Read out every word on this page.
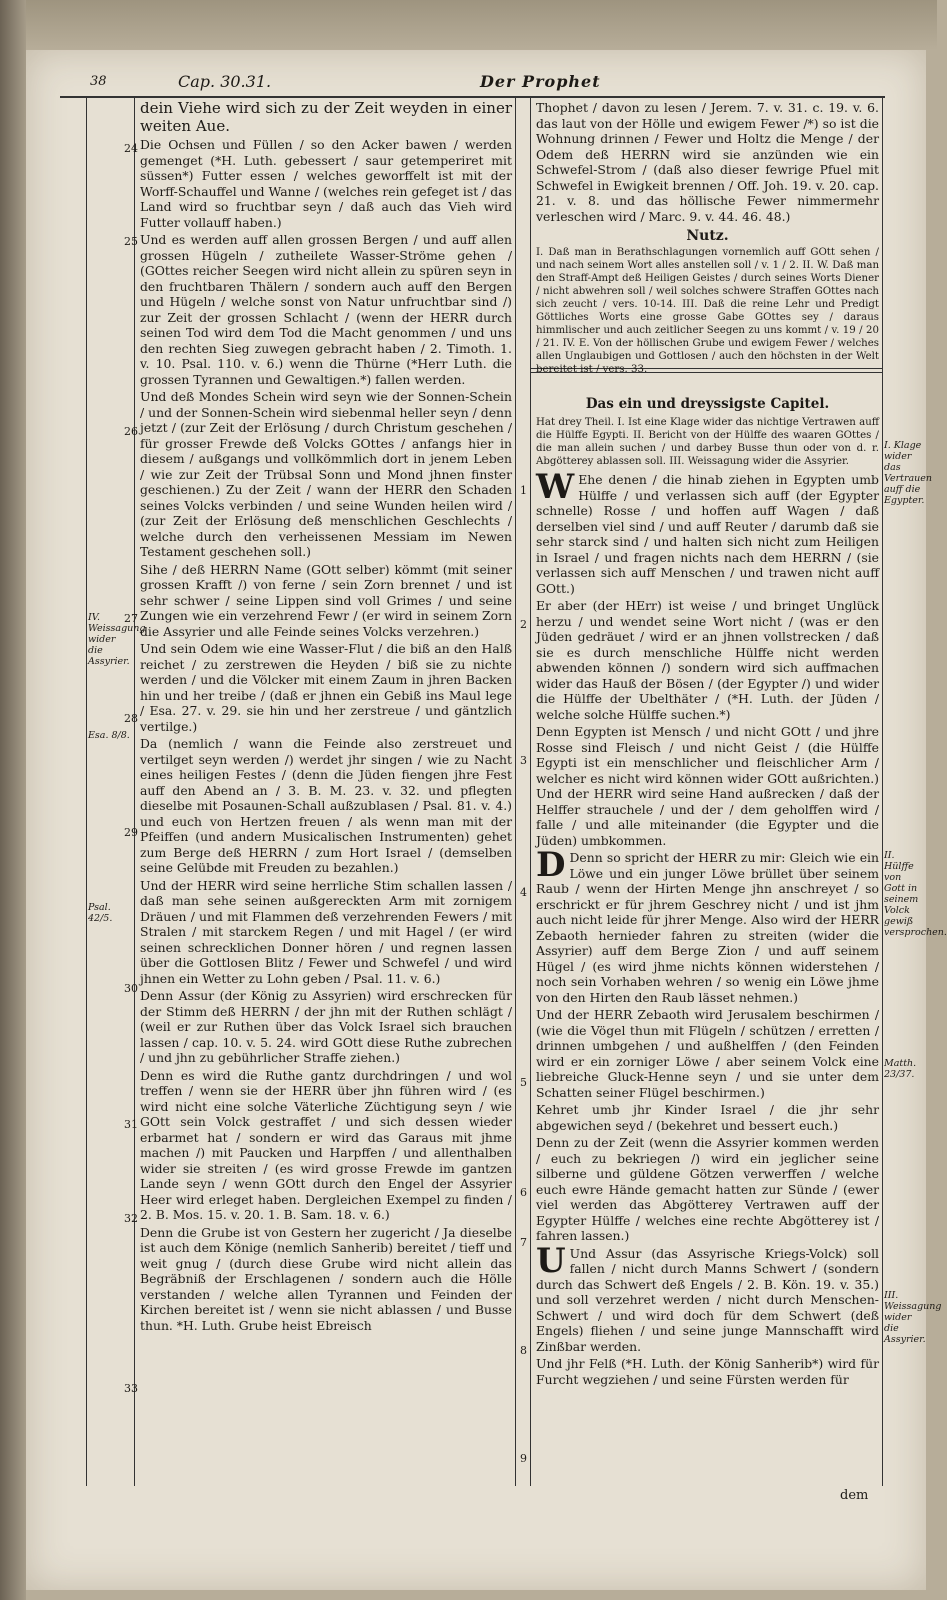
38	Cap. 30.31.	Der Prophet
24
25
26
27
28
29
30
31
32
33
IV. Weissagung wider die Assyrier.
Esa. 8/8.
Psal. 42/5.

dein Viehe wird sich zu der Zeit weyden in einer weiten Aue.

Die Ochsen und Füllen / so den Acker bawen / werden gemenget (*H. Luth. gebessert / saur getemperiret mit süssen*) Futter essen / welches geworffelt ist mit der Worff-Schauffel und Wanne / (welches rein gefeget ist / das Land wird so fruchtbar seyn / daß auch das Vieh wird Futter vollauff haben.)

Und es werden auff allen grossen Bergen / und auff allen grossen Hügeln / zutheilete Wasser-Ströme gehen / (GOttes reicher Seegen wird nicht allein zu spüren seyn in den fruchtbaren Thälern / sondern auch auff den Bergen und Hügeln / welche sonst von Natur unfruchtbar sind /) zur Zeit der grossen Schlacht / (wenn der HERR durch seinen Tod wird dem Tod die Macht genommen / und uns den rechten Sieg zuwegen gebracht haben / 2. Timoth. 1. v. 10. Psal. 110. v. 6.) wenn die Thürne (*Herr Luth. die grossen Tyrannen und Gewaltigen.*) fallen werden.

Und deß Mondes Schein wird seyn wie der Sonnen-Schein / und der Sonnen-Schein wird siebenmal heller seyn / denn jetzt / (zur Zeit der Erlösung / durch Christum geschehen / für grosser Frewde deß Volcks GOttes / anfangs hier in diesem / außgangs und vollkömmlich dort in jenem Leben / wie zur Zeit der Trübsal Sonn und Mond jhnen finster geschienen.) Zu der Zeit / wann der HERR den Schaden seines Volcks verbinden / und seine Wunden heilen wird / (zur Zeit der Erlösung deß menschlichen Geschlechts / welche durch den verheissenen Messiam im Newen Testament geschehen soll.)

Sihe / deß HERRN Name (GOtt selber) kömmt (mit seiner grossen Krafft /) von ferne / sein Zorn brennet / und ist sehr schwer / seine Lippen sind voll Grimes / und seine Zungen wie ein verzehrend Fewr / (er wird in seinem Zorn die Assyrier und alle Feinde seines Volcks verzehren.)

Und sein Odem wie eine Wasser-Flut / die biß an den Halß reichet / zu zerstrewen die Heyden / biß sie zu nichte werden / und die Völcker mit einem Zaum in jhren Backen hin und her treibe / (daß er jhnen ein Gebiß ins Maul lege / Esa. 27. v. 29. sie hin und her zerstreue / und gäntzlich vertilge.)

Da (nemlich / wann die Feinde also zerstreuet und vertilget seyn werden /) werdet jhr singen / wie zu Nacht eines heiligen Festes / (denn die Jüden fiengen jhre Fest auff den Abend an / 3. B. M. 23. v. 32. und pflegten dieselbe mit Posaunen-Schall außzublasen / Psal. 81. v. 4.) und euch von Hertzen freuen / als wenn man mit der Pfeiffen (und andern Musicalischen Instrumenten) gehet zum Berge deß HERRN / zum Hort Israel / (demselben seine Gelübde mit Freuden zu bezahlen.)

Und der HERR wird seine herrliche Stim schallen lassen / daß man sehe seinen außgereckten Arm mit zornigem Dräuen / und mit Flammen deß verzehrenden Fewers / mit Stralen / mit starckem Regen / und mit Hagel / (er wird seinen schrecklichen Donner hören / und regnen lassen über die Gottlosen Blitz / Fewer und Schwefel / und wird jhnen ein Wetter zu Lohn geben / Psal. 11. v. 6.)

Denn Assur (der König zu Assyrien) wird erschrecken für der Stimm deß HERRN / der jhn mit der Ruthen schlägt / (weil er zur Ruthen über das Volck Israel sich brauchen lassen / cap. 10. v. 5. 24. wird GOtt diese Ruthe zubrechen / und jhn zu gebührlicher Straffe ziehen.)

Denn es wird die Ruthe gantz durchdringen / und wol treffen / wenn sie der HERR über jhn führen wird / (es wird nicht eine solche Väterliche Züchtigung seyn / wie GOtt sein Volck gestraffet / und sich dessen wieder erbarmet hat / sondern er wird das Garaus mit jhme machen /) mit Paucken und Harpffen / und allenthalben wider sie streiten / (es wird grosse Frewde im gantzen Lande seyn / wenn GOtt durch den Engel der Assyrier Heer wird erleget haben. Dergleichen Exempel zu finden / 2. B. Mos. 15. v. 20. 1. B. Sam. 18. v. 6.)

Denn die Grube ist von Gestern her zugericht / Ja dieselbe ist auch dem Könige (nemlich Sanherib) bereitet / tieff und weit gnug / (durch diese Grube wird nicht allein das Begräbniß der Erschlagenen / sondern auch die Hölle verstanden / welche allen Tyrannen und Feinden der Kirchen bereitet ist / wenn sie nicht ablassen / und Busse thun. *H. Luth. Grube heist Ebreisch

1
2
3
4
5
6
7
8
9
I. Klage wider das Vertrauen auff die Egypter.
II. Hülffe von Gott in seinem Volck gewiß versprochen.
Matth. 23/37.
III. Weissagung wider die Assyrier.

Thophet / davon zu lesen / Jerem. 7. v. 31. c. 19. v. 6. das laut von der Hölle und ewigem Fewer /*) so ist die Wohnung drinnen / Fewer und Holtz die Menge / der Odem deß HERRN wird sie anzünden wie ein Schwefel-Strom / (daß also dieser fewrige Pfuel mit Schwefel in Ewigkeit brennen / Off. Joh. 19. v. 20. cap. 21. v. 8. und das höllische Fewer nimmermehr verleschen wird / Marc. 9. v. 44. 46. 48.)

Nutz.

I. Daß man in Berathschlagungen vornemlich auff GOtt sehen / und nach seinem Wort alles anstellen soll / v. 1 / 2. II. W. Daß man den Straff-Ampt deß Heiligen Geistes / durch seines Worts Diener / nicht abwehren soll / weil solches schwere Straffen GOttes nach sich zeucht / vers. 10-14. III. Daß die reine Lehr und Predigt Göttliches Worts eine grosse Gabe GOttes sey / daraus himmlischer und auch zeitlicher Seegen zu uns kommt / v. 19 / 20 / 21. IV. E. Von der höllischen Grube und ewigem Fewer / welches allen Unglaubigen und Gottlosen / auch den höchsten in der Welt bereitet ist / vers. 33.

Das ein und dreyssigste Capitel.

Hat drey Theil. I. Ist eine Klage wider das nichtige Vertrawen auff die Hülffe Egypti. II. Bericht von der Hülffe des waaren GOttes / die man allein suchen / und darbey Busse thun oder von d. r. Abgötterey ablassen soll. III. Weissagung wider die Assyrier.

W Ehe denen / die hinab ziehen in Egypten umb Hülffe / und verlassen sich auff (der Egypter schnelle) Rosse / und hoffen auff Wagen / daß derselben viel sind / und auff Reuter / darumb daß sie sehr starck sind / und halten sich nicht zum Heiligen in Israel / und fragen nichts nach dem HERRN / (sie verlassen sich auff Menschen / und trawen nicht auff GOtt.)

Er aber (der HErr) ist weise / und bringet Unglück herzu / und wendet seine Wort nicht / (was er den Jüden gedräuet / wird er an jhnen vollstrecken / daß sie es durch menschliche Hülffe nicht werden abwenden können /) sondern wird sich auffmachen wider das Hauß der Bösen / (der Egypter /) und wider die Hülffe der Ubelthäter / (*H. Luth. der Jüden / welche solche Hülffe suchen.*)

Denn Egypten ist Mensch / und nicht GOtt / und jhre Rosse sind Fleisch / und nicht Geist / (die Hülffe Egypti ist ein menschlicher und fleischlicher Arm / welcher es nicht wird können wider GOtt außrichten.) Und der HERR wird seine Hand außrecken / daß der Helffer strauchele / und der / dem geholffen wird / falle / und alle miteinander (die Egypter und die Jüden) umbkommen.

D Denn so spricht der HERR zu mir: Gleich wie ein Löwe und ein junger Löwe brüllet über seinem Raub / wenn der Hirten Menge jhn anschreyet / so erschrickt er für jhrem Geschrey nicht / und ist jhm auch nicht leide für jhrer Menge. Also wird der HERR Zebaoth hernieder fahren zu streiten (wider die Assyrier) auff dem Berge Zion / und auff seinem Hügel / (es wird jhme nichts können widerstehen / noch sein Vorhaben wehren / so wenig ein Löwe jhme von den Hirten den Raub lässet nehmen.)

Und der HERR Zebaoth wird Jerusalem beschirmen / (wie die Vögel thun mit Flügeln / schützen / erretten / drinnen umbgehen / und außhelffen / (den Feinden wird er ein zorniger Löwe / aber seinem Volck eine liebreiche Gluck-Henne seyn / und sie unter dem Schatten seiner Flügel beschirmen.)

Kehret umb jhr Kinder Israel / die jhr sehr abgewichen seyd / (bekehret und bessert euch.)

Denn zu der Zeit (wenn die Assyrier kommen werden / euch zu bekriegen /) wird ein jeglicher seine silberne und güldene Götzen verwerffen / welche euch ewre Hände gemacht hatten zur Sünde / (ewer viel werden das Abgötterey Vertrawen auff der Egypter Hülffe / welches eine rechte Abgötterey ist / fahren lassen.)

U Und Assur (das Assyrische Kriegs-Volck) soll fallen / nicht durch Manns Schwert / (sondern durch das Schwert deß Engels / 2. B. Kön. 19. v. 35.) und soll verzehret werden / nicht durch Menschen-Schwert / und wird doch für dem Schwert (deß Engels) fliehen / und seine junge Mannschafft wird Zinßbar werden.

Und jhr Felß (*H. Luth. der König Sanherib*) wird für Furcht wegziehen / und seine Fürsten werden für

dem
